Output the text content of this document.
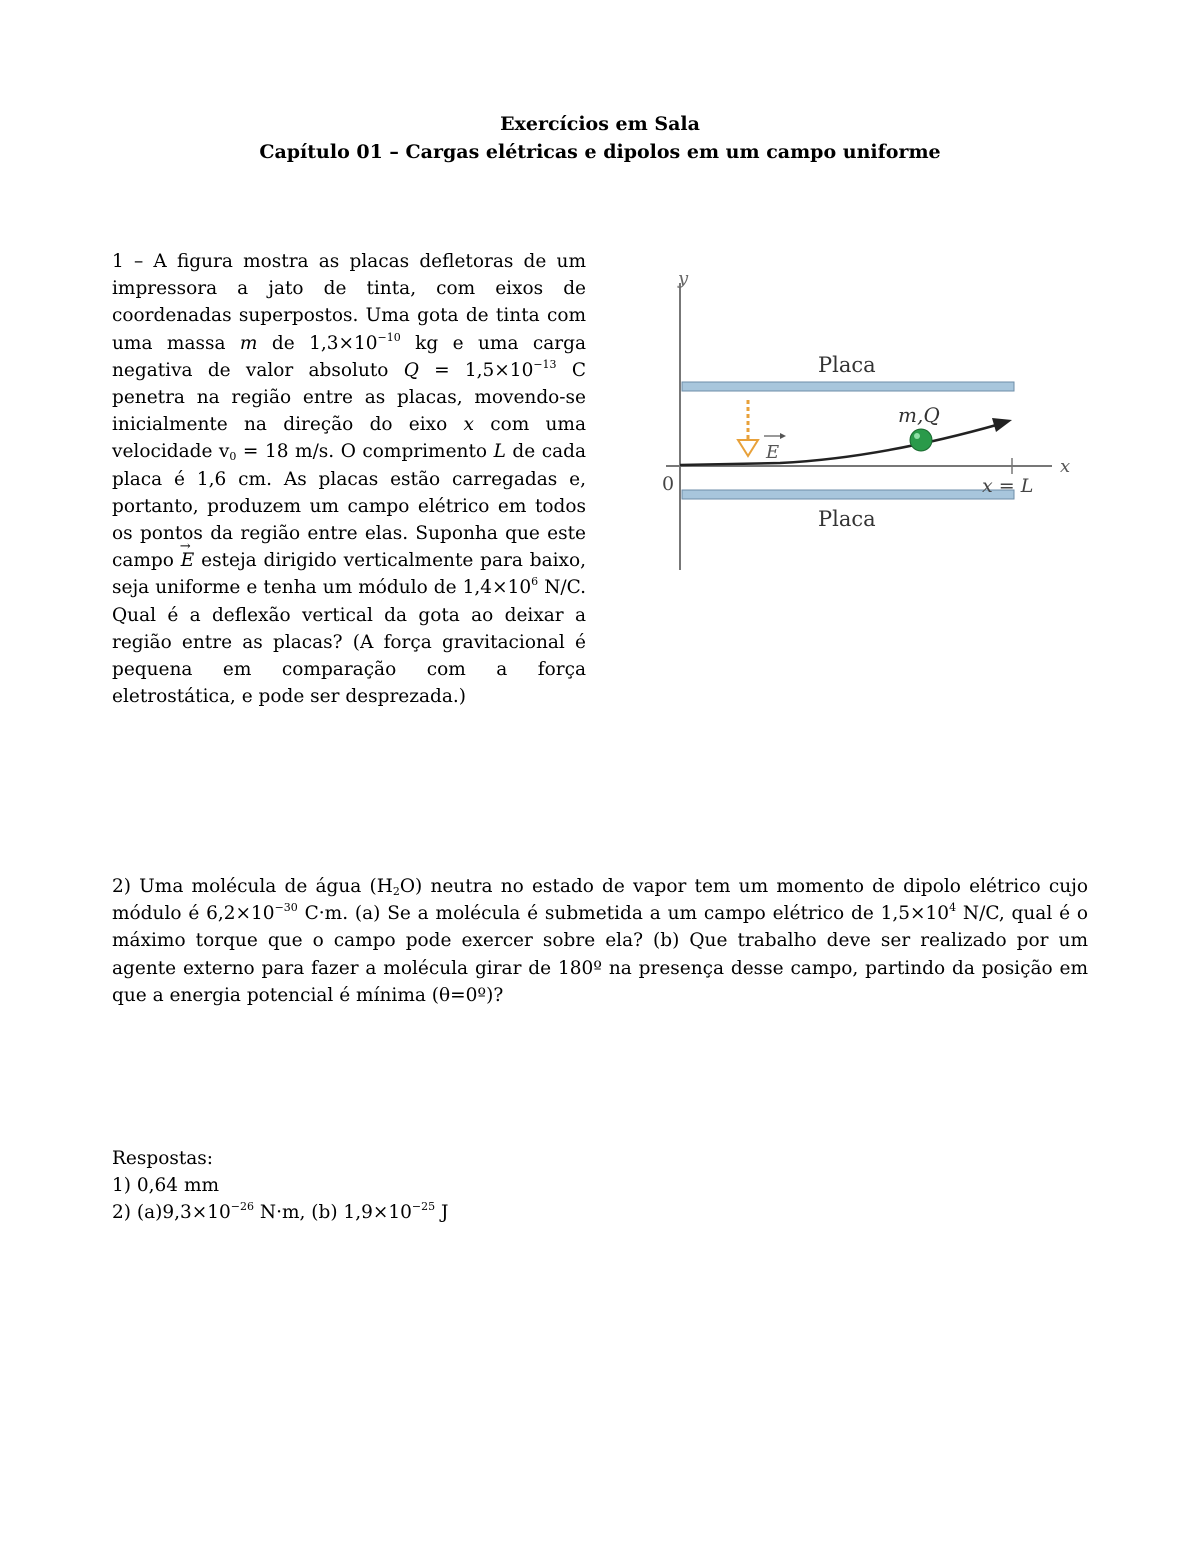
Exercícios em Sala
Capítulo 01 – Cargas elétricas e dipolos em um campo uniforme
1 – A figura mostra as placas defletoras de um impressora a jato de tinta, com eixos de coordenadas superpostos. Uma gota de tinta com uma massa m de $1,3\times 10^{-10}$ kg e uma carga negativa de valor absoluto $Q = 1,5\times 10^{-13}$ C penetra na região entre as placas, movendo-se inicialmente na direção do eixo x com uma velocidade $v_0 = 18$ m/s. O comprimento L de cada placa é 1,6 cm. As placas estão carregadas e, portanto, produzem um campo elétrico em todos os pontos da região entre elas. Suponha que este campo → E esteja dirigido verticalmente para baixo, seja uniforme e tenha um módulo de $1,4\times 10^6$ N/C. Qual é a deflexão vertical da gota ao deixar a região entre as placas? (A força gravitacional é pequena em comparação com a força eletrostática, e pode ser desprezada.)
y
Placa
Placa
x
0	x = L
E
m,Q
2) Uma molécula de água $(H_2O)$ neutra no estado de vapor tem um momento de dipolo elétrico cujo módulo é $6,2\times 10^{-30}$ C·m. (a) Se a molécula é submetida a um campo elétrico de $1,5\times 10^4$ N/C, qual é o máximo torque que o campo pode exercer sobre ela? (b) Que trabalho deve ser realizado por um agente externo para fazer a molécula girar de 180º na presença desse campo, partindo da posição em que a energia potencial é mínima (θ=0º)?
Respostas:
1) 0,64 mm
2) $(a)9,3\times 10^{-26}$ N·m, (b) $1,9\times 10^{-25}$ J
